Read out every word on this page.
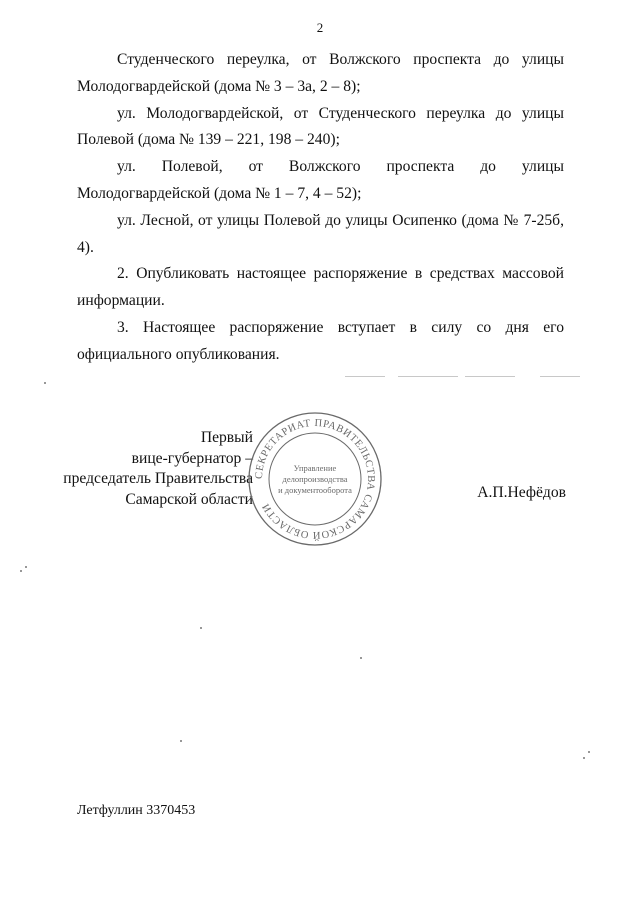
2

Студенческого переулка, от Волжского проспекта до улицы Молодогвардейской (дома № 3 – 3а, 2 – 8);

ул. Молодогвардейской, от Студенческого переулка до улицы Полевой (дома № 139 – 221, 198 – 240);

ул. Полевой, от Волжского проспекта до улицы Молодогвардейской (дома № 1 – 7, 4 – 52);

ул. Лесной, от улицы Полевой до улицы Осипенко (дома № 7-25б, 4).

2. Опубликовать настоящее распоряжение в средствах массовой информации.

3. Настоящее распоряжение вступает в силу со дня его официального опубликования.

Первый
вице-губернатор –
председатель Правительства
Самарской области
СЕКРЕТАРИАТ ПРАВИТЕЛЬСТВА САМАРСКОЙ ОБЛАСТИ
Управление
делопроизводства
и документооборота	А.П.Нефёдов
Летфуллин 3370453
